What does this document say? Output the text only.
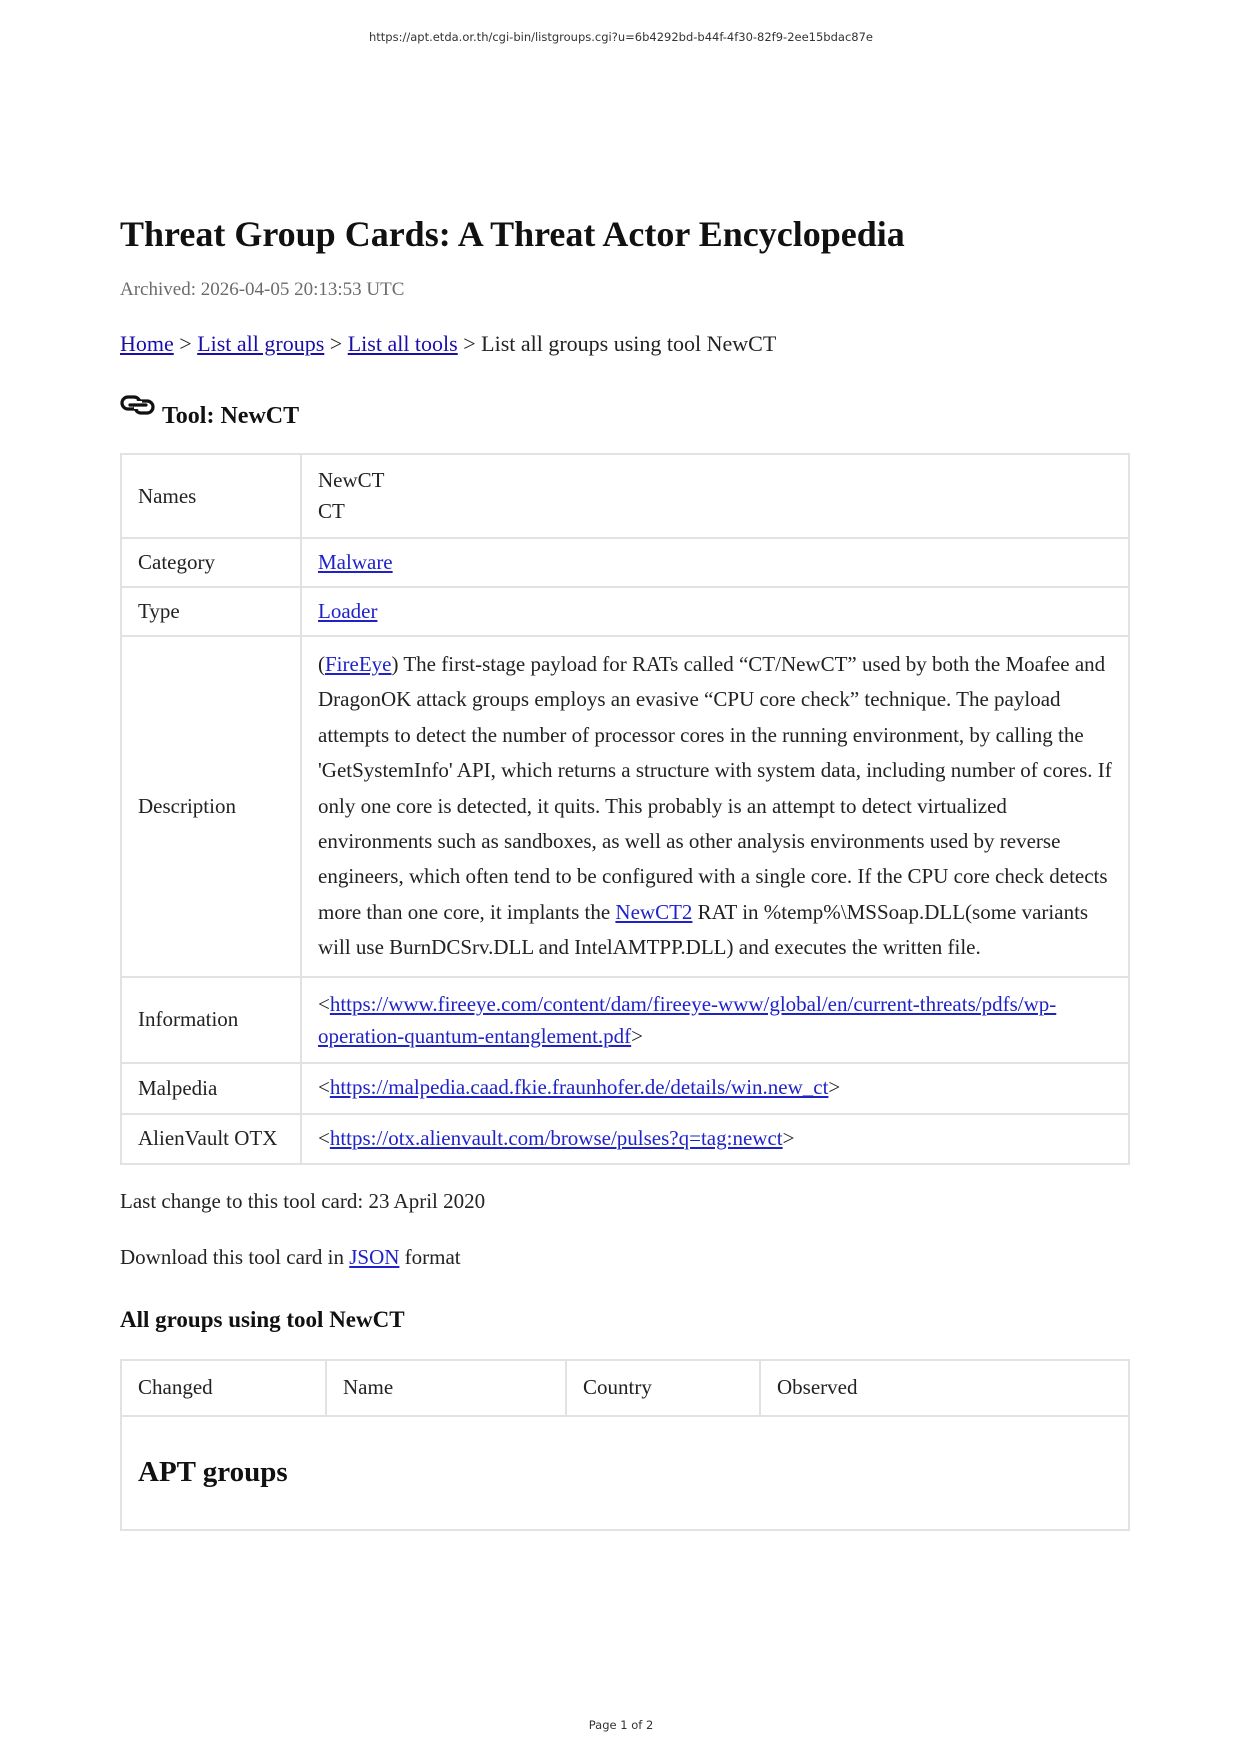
https://apt.etda.or.th/cgi-bin/listgroups.cgi?u=6b4292bd-b44f-4f30-82f9-2ee15bdac87e
Threat Group Cards: A Threat Actor Encyclopedia
Archived: 2026-04-05 20:13:53 UTC
Home > List all groups > List all tools > List all groups using tool NewCT
Tool: NewCT
Names	NewCT
CT
Category	Malware
Type	Loader
Description	(FireEye) The first-stage payload for RATs called “CT/NewCT” used by both the Moafee and DragonOK attack groups employs an evasive “CPU core check” technique. The payload attempts to detect the number of processor cores in the running environment, by calling the 'GetSystemInfo' API, which returns a structure with system data, including number of cores. If only one core is detected, it quits. This probably is an attempt to detect virtualized environments such as sandboxes, as well as other analysis environments used by reverse engineers, which often tend to be configured with a single core. If the CPU core check detects more than one core, it implants the NewCT2 RAT in %temp%\MSSoap.DLL(some variants will use BurnDCSrv.DLL and IntelAMTPP.DLL) and executes the written file.
Information	<https://www.fireeye.com/content/dam/fireeye-www/global/en/current-threats/pdfs/wp-operation-quantum-entanglement.pdf>
Malpedia	<https://malpedia.caad.fkie.fraunhofer.de/details/win.new_ct>
AlienVault OTX	<https://otx.alienvault.com/browse/pulses?q=tag:newct>
Last change to this tool card: 23 April 2020
Download this tool card in JSON format
All groups using tool NewCT
Changed	Name	Country	Observed
APT groups
Page 1 of 2
